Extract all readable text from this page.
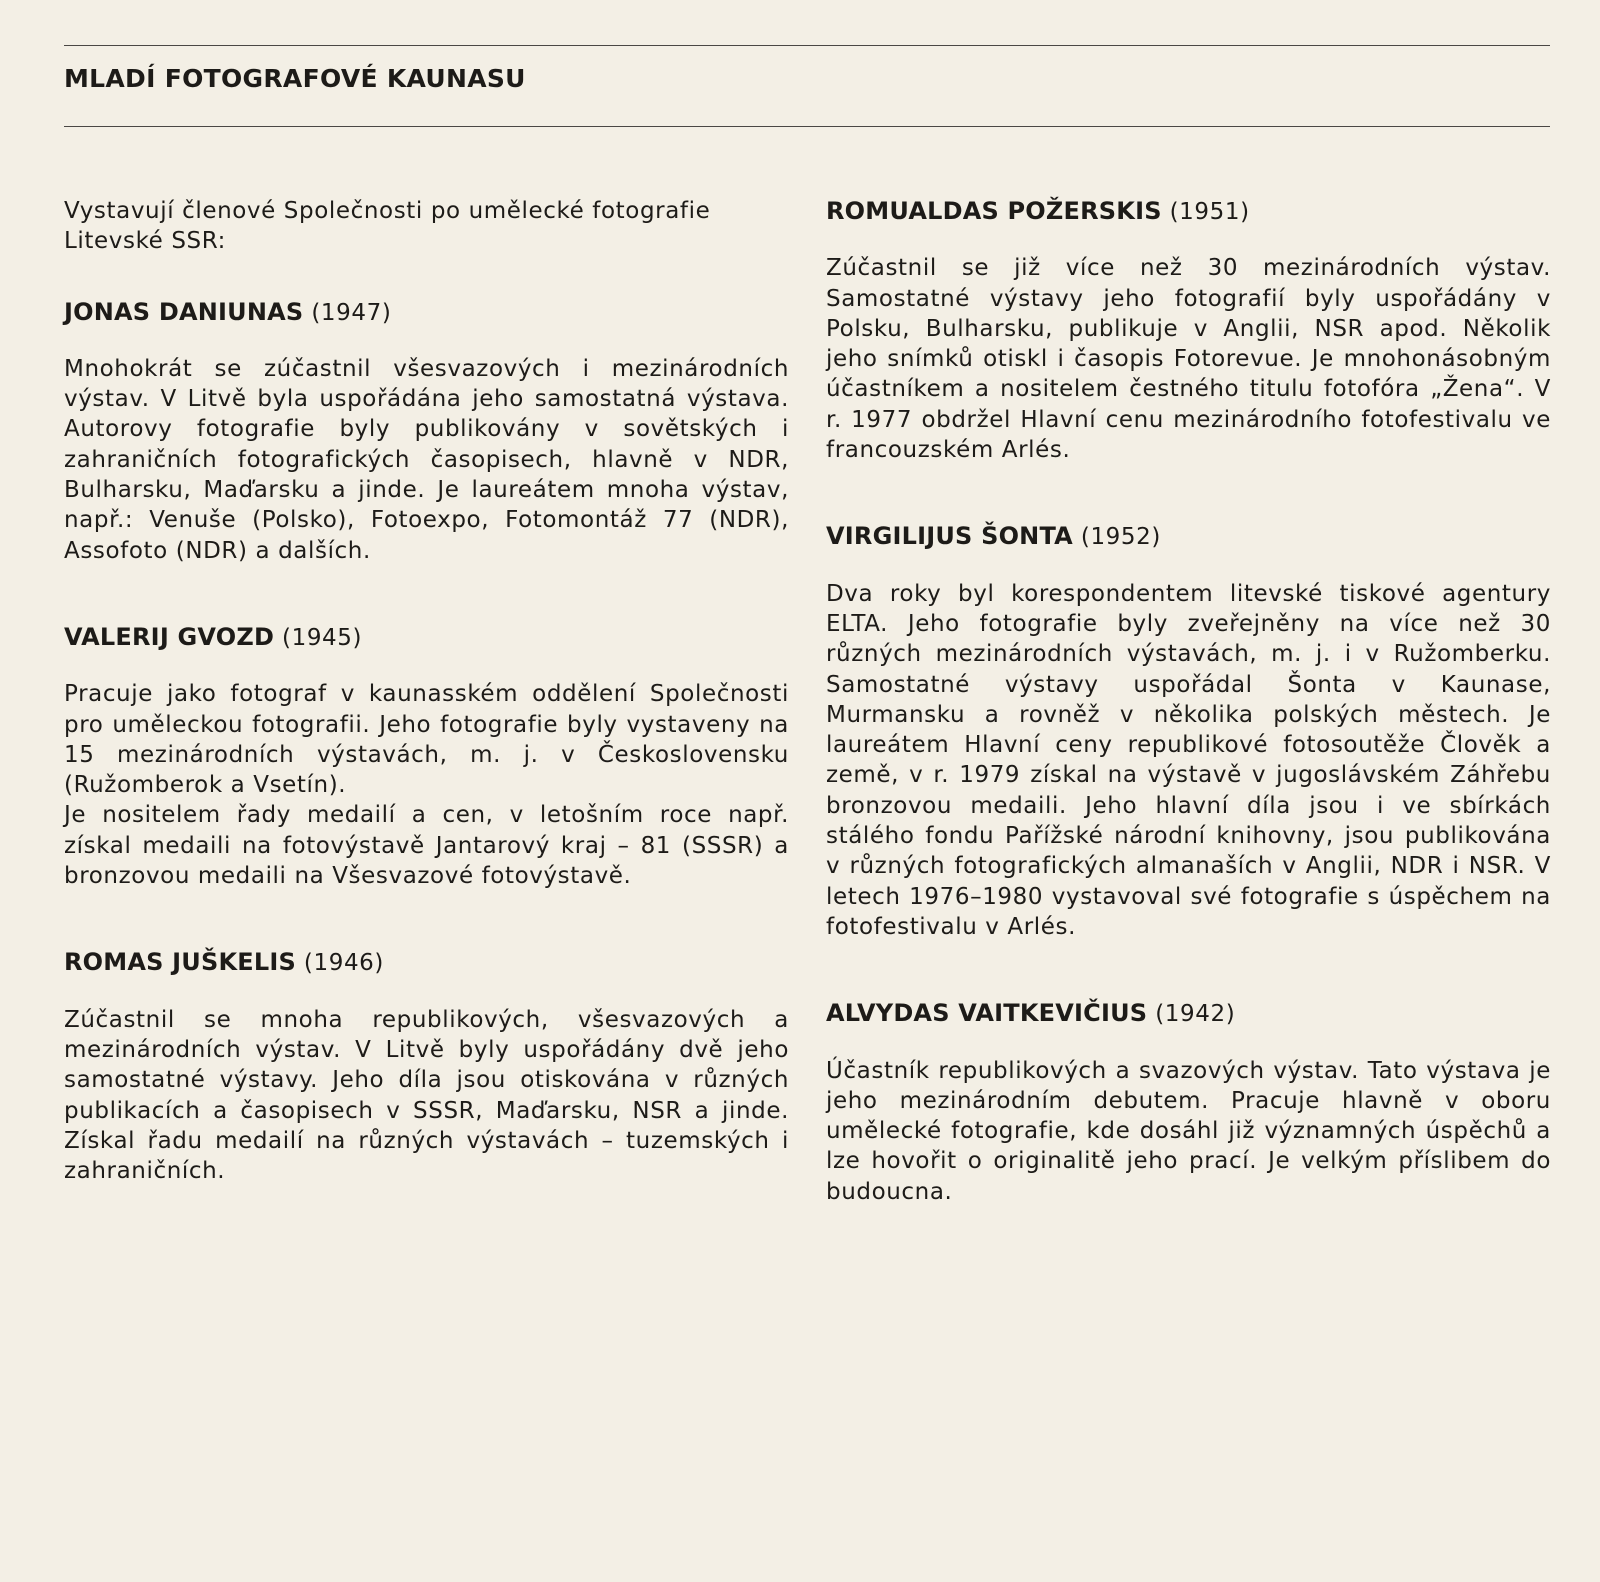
MLADÍ FOTOGRAFOVÉ KAUNASU

Vystavují členové Společnosti po umělecké fotografie Litevské SSR:

JONAS DANIUNAS (1947)

Mnohokrát se zúčastnil všesvazových i mezinárodních výstav. V Litvě byla uspořádána jeho samostatná výstava. Autorovy fotografie byly publikovány v sovětských i zahraničních fotografických časopisech, hlavně v NDR, Bulharsku, Maďarsku a jinde. Je laureátem mnoha výstav, např.: Venuše (Polsko), Fotoexpo, Fotomontáž 77 (NDR), Assofoto (NDR) a dalších.

VALERIJ GVOZD (1945)

Pracuje jako fotograf v kaunasském oddělení Společnosti pro uměleckou fotografii. Jeho fotografie byly vystaveny na 15 mezinárodních výstavách, m. j. v Československu (Ružomberok a Vsetín).

Je nositelem řady medailí a cen, v letošním roce např. získal medaili na fotovýstavě Jantarový kraj – 81 (SSSR) a bronzovou medaili na Všesvazové fotovýstavě.

ROMAS JUŠKELIS (1946)

Zúčastnil se mnoha republikových, všesvazových a mezinárodních výstav. V Litvě byly uspořádány dvě jeho samostatné výstavy. Jeho díla jsou otiskována v různých publikacích a časopisech v SSSR, Maďarsku, NSR a jinde. Získal řadu medailí na různých výstavách – tuzemských i zahraničních.

ROMUALDAS POŽERSKIS (1951)

Zúčastnil se již více než 30 mezinárodních výstav. Samostatné výstavy jeho fotografií byly uspořádány v Polsku, Bulharsku, publikuje v Anglii, NSR apod. Několik jeho snímků otiskl i časopis Fotorevue. Je mnohonásobným účastníkem a nositelem čestného titulu fotofóra „Žena“. V r. 1977 obdržel Hlavní cenu mezinárodního fotofestivalu ve francouzském Arlés.

VIRGILIJUS ŠONTA (1952)

Dva roky byl korespondentem litevské tiskové agentury ELTA. Jeho fotografie byly zveřejněny na více než 30 různých mezinárodních výstavách, m. j. i v Ružomberku. Samostatné výstavy uspořádal Šonta v Kaunase, Murmansku a rovněž v několika polských městech. Je laureátem Hlavní ceny republikové fotosoutěže Člověk a země, v r. 1979 získal na výstavě v jugoslávském Záhřebu bronzovou medaili. Jeho hlavní díla jsou i ve sbírkách stálého fondu Pařížské národní knihovny, jsou publikována v různých fotografických almanaších v Anglii, NDR i NSR. V letech 1976–1980 vystavoval své fotografie s úspěchem na fotofestivalu v Arlés.

ALVYDAS VAITKEVIČIUS (1942)

Účastník republikových a svazových výstav. Tato výstava je jeho mezinárodním debutem. Pracuje hlavně v oboru umělecké fotografie, kde dosáhl již významných úspěchů a lze hovořit o originalitě jeho prací. Je velkým příslibem do budoucna.
